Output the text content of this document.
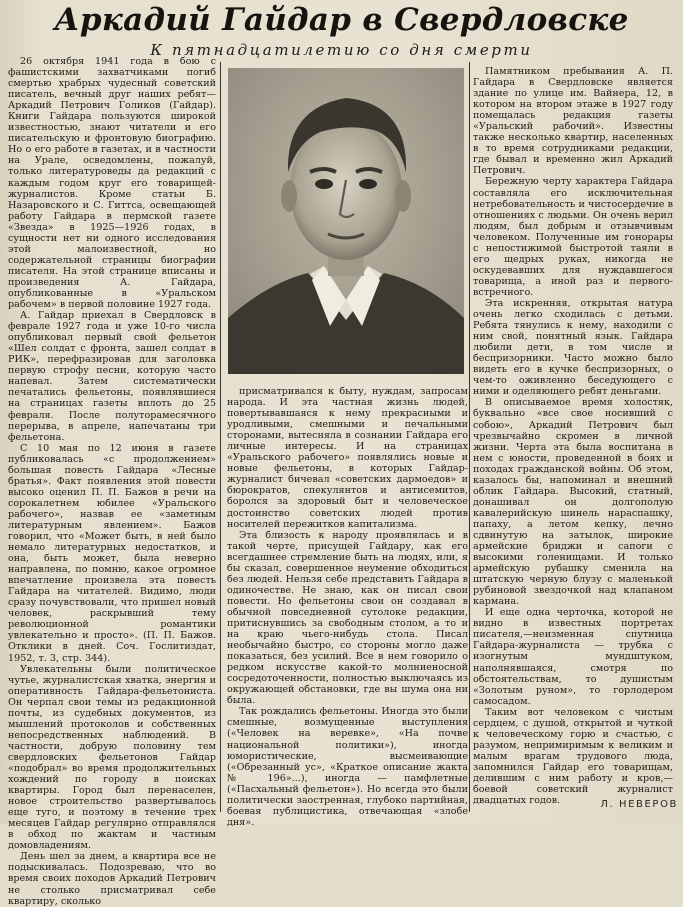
Аркадий Гайдар в Свердловске
К пятнадцатилетию со дня смерти

26 октября 1941 года в бою с фашистскими захватчиками погиб смертью храбрых чудесный советский писатель, вечный друг наших ребят—Аркадий Петрович Голиков (Гайдар). Книги Гайдара пользуются широкой известностью, знают читатели и его писательскую и фронтовую биографию. Но о его работе в газетах, и в частности на Урале, осведомлены, пожалуй, только литературоведы да редакций с каждым годом круг его товарищей-журналистов. Кроме статьи Б. Назаровского и С. Гиттса, освещающей работу Гайдара в пермской газете «Звезда» в 1925—1926 годах, в сущности нет ни одного исследования этой малоизвестной, но содержательной страницы биографии писателя. На этой странице вписаны и произведения А. Гайдара, опубликованные в «Уральском рабочем» в первой половине 1927 года.

А. Гайдар приехал в Свердловск в феврале 1927 года и уже 10-го числа опубликовал первый свой фельетон «Шел солдат с фронта, зашел солдат в РИК», перефразировав для заголовка первую строфу песни, которую часто напевал. Затем систематически печатались фельетоны, появлявшиеся на страницах газеты вплоть до 25 февраля. После полуторамесячного перерыва, в апреле, напечатаны три фельетона.

С 10 мая по 12 июня в газете публиковалась «с продолжением» большая повесть Гайдара «Лесные братья». Факт появления этой повести высоко оценил П. П. Бажов в речи на сорокалетнем юбилее «Уральского рабочего», назвав ее «заметным литературным явлением». Бажов говорил, что «Может быть, в ней было немало литературных недостатков, и она, быть может, была неверно направлена, по помню, какое огромное впечатление произвела эта повесть Гайдара на читателей. Видимо, люди сразу почувствовали, что пришел новый человек, раскрывший тему революционной романтики увлекательно и просто». (П. П. Бажов. Отклики в дней. Соч. Гослитиздат, 1952, т. 3, стр. 344).

Увлекательны были политическое чутье, журналистская хватка, энергия и оперативность Гайдара-фельетониста. Он черпал свои темы из редакционной почты, из судебных документов, из мышлений протоколов и собственных непосредственных наблюдений. В частности, добрую половину тем свердловских фельетонов Гайдар «подобрал» во время продолжительных хождений по городу в поисках квартиры. Город был перенаселен, новое строительство развертывалось еще туго, и поэтому в течение трех месяцев Гайдар регулярно отправлялся в обход по жактам и частным домовладениям.

День шел за днем, а квартира все не подыскивалась. Подозреваю, что во время своих походов Аркадий Петрович не столько присматривал себе квартиру, сколько

присматривался к быту, нуждам, запросам народа. И эта частная жизнь людей, повертывавшаяся к нему прекрасными и уродливыми, смешными и печальными сторонами, вытесняла в сознании Гайдара его личные интересы. И на страницах «Уральского рабочего» появлялись новые и новые фельетоны, в которых Гайдар-журналист бичевал «советских дармоедов» и бюрократов, спекулянтов и антисемитов, боролся за здоровый быт и человеческое достоинство советских людей против носителей пережитков капитализма.

Эта близость к народу проявлялась и в такой черте, присущей Гайдару, как его всегдашнее стремление быть на людях, или, я бы сказал, совершенное неумение обходиться без людей. Нельзя себе представить Гайдара в одиночестве. Не знаю, как он писал свои повести. Но фельетоны свои он создавал в обычной повседневной сутолоке редакции, притиснувшись за свободным столом, а то и на краю чьего-нибудь стола. Писал необычайно быстро, со стороны могло даже показаться, без усилий. Все в нем говорило о редком искусстве какой-то молниеносной сосредоточенности, полностью выключаясь из окружающей обстановки, где вы шума она ни была.

Так рождались фельетоны. Иногда это были смешные, возмущенные выступления («Человек на веревке», «На почве национальной политики»), иногда юмористические, высмеивающие («Обрезанный ус», «Краткое описание жакта № 196»...), иногда — памфлетные («Пасхальный фельетон»). Но всегда это были политически заостренная, глубоко партийная, боевая публицистика, отвечающая «злобе дня».

Памятником пребывания А. П. Гайдара в Свердловске является здание по улице им. Вайнера, 12, в котором на втором этаже в 1927 году помещалась редакция газеты «Уральский рабочий». Известны также несколько квартир, населенных в то время сотрудниками редакции, где бывал и временно жил Аркадий Петрович.

Бережную черту характера Гайдара составляла его исключительная нетребовательность и чистосердечие в отношениях с людьми. Он очень верил людям, был добрым и отзывчивым человеком. Полученные им гонорары с непостижимой быстротой таяли в его щедрых руках, никогда не оскудевавших для нуждавшегося товарища, а иной раз и первого-встречного.

Эта искренняя, открытая натура очень легко сходилась с детьми. Ребята тянулись к нему, находили с ним свой, понятный язык. Гайдара любили дети, в том числе и беспризорники. Часто можно было видеть его в кучке беспризорных, о чем-то оживленно беседующего с ними и оделяющего ребят деньгами.

В описываемое время холостяк, буквально «все свое носивший с собою», Аркадий Петрович был чрезвычайно скромен в личной жизни. Черта эта была воспитана в нем с юности, проведенной в боях и походах гражданской войны. Об этом, казалось бы, напоминал и внешний облик Гайдара. Высокий, статный, донашивал он долгополую кавалерийскую шинель нараспашку, папаху, а летом кепку, лечно сдвинутую на затылок, широкие армейские бриджи и сапоги с высокими голенищами. И только армейскую рубашку сменила на штатскую черную блузу с маленькой рубиновой звездочкой над клапаном кармана.

И еще одна черточка, которой не видно в известных портретах писателя,—неизменная спутница Гайдара-журналиста — трубка с изогнутым мундштуком, наполнявшаяся, смотря по обстоятельствам, то душистым «Золотым руном», то горлодером самосадом.

Таким вот человеком с чистым сердцем, с душой, открытой и чуткой к человеческому горю и счастью, с разумом, непримиримым к великим и малым врагам трудового люда, запомнился Гайдар его товарищам, делившим с ним работу и кров,—боевой советский журналист двадцатых годов.	Л. НЕВЕРОВ
